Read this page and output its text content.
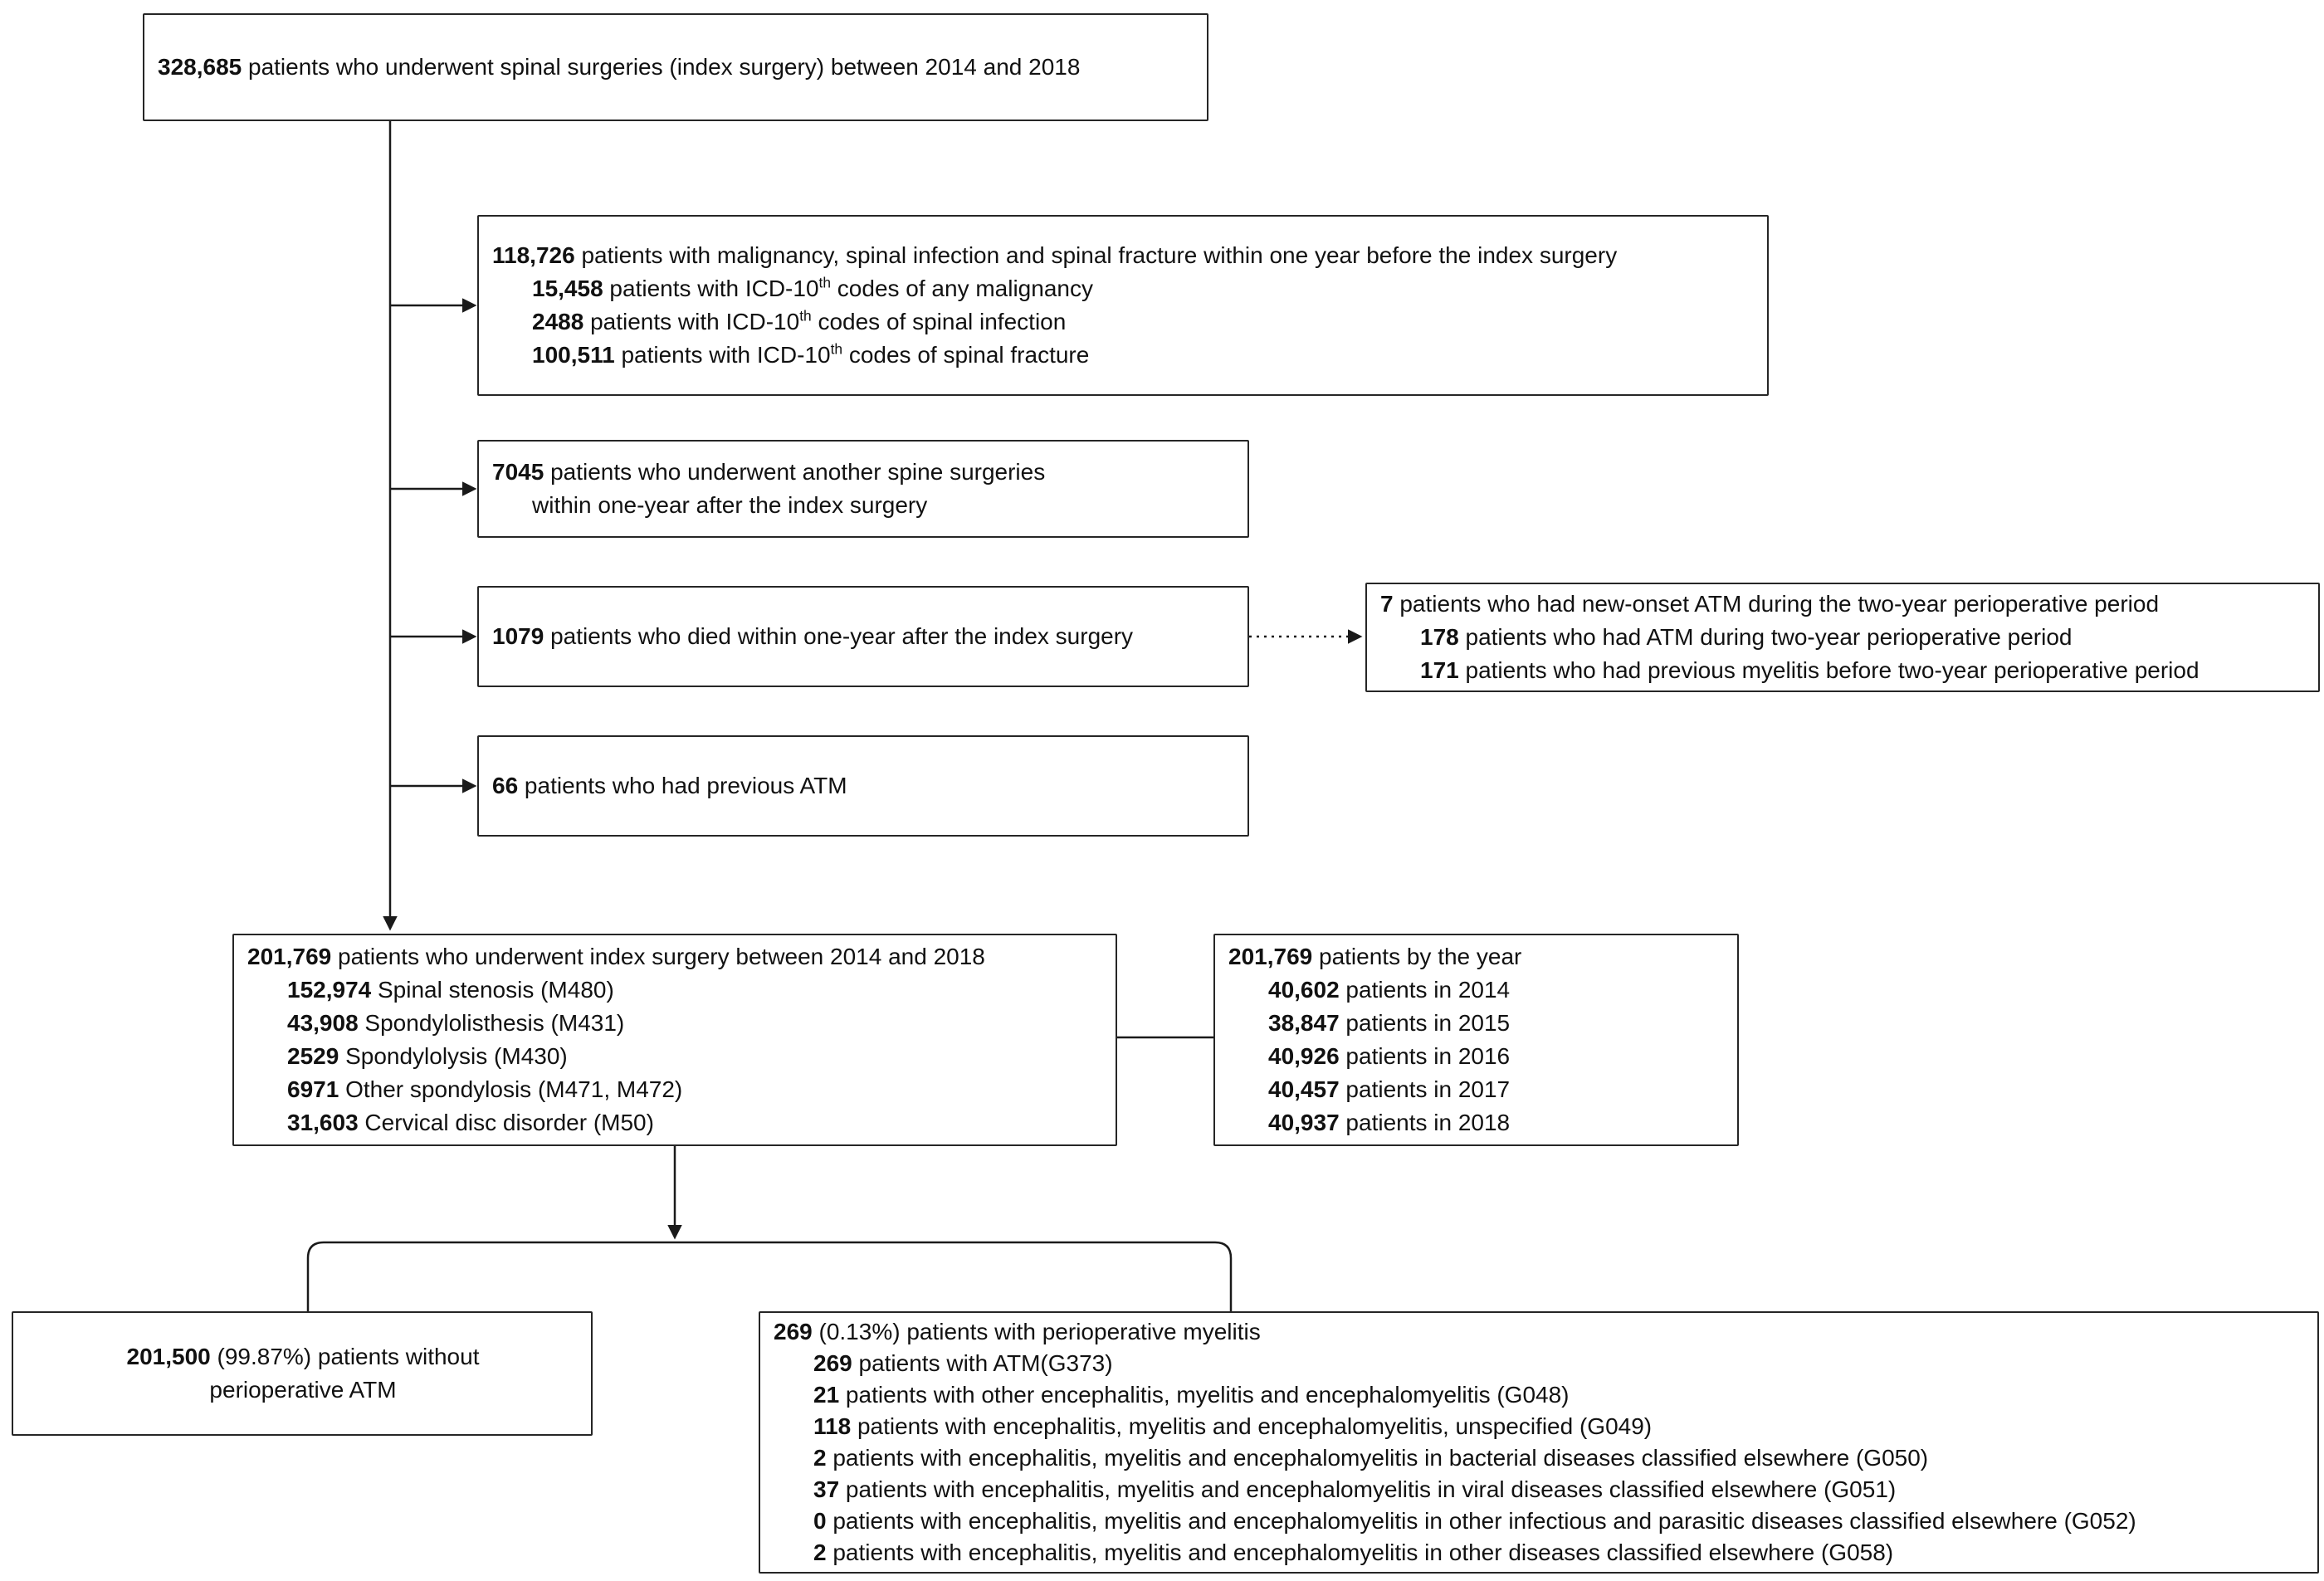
328,685 patients who underwent spinal surgeries (index surgery) between 2014 and 2018
118,726 patients with malignancy, spinal infection and spinal fracture within one year before the index surgery
15,458 patients with ICD-10th codes of any malignancy
2488 patients with ICD-10th codes of spinal infection
100,511 patients with ICD-10th codes of spinal fracture
7045 patients who underwent another spine surgeries
within one-year after the index surgery
1079 patients who died within one-year after the index surgery
7 patients who had new-onset ATM during the two-year perioperative period
178 patients who had ATM during two-year perioperative period
171 patients who had previous myelitis before two-year perioperative period
66 patients who had previous ATM
201,769 patients who underwent index surgery between 2014 and 2018
152,974 Spinal stenosis (M480)
43,908 Spondylolisthesis (M431)
2529 Spondylolysis (M430)
6971 Other spondylosis (M471, M472)
31,603 Cervical disc disorder (M50)
201,769 patients by the year
40,602 patients in 2014
38,847 patients in 2015
40,926 patients in 2016
40,457 patients in 2017
40,937 patients in 2018
201,500 (99.87%) patients without
perioperative ATM
269 (0.13%) patients with perioperative myelitis
269 patients with ATM(G373)
21 patients with other encephalitis, myelitis and encephalomyelitis (G048)
118 patients with encephalitis, myelitis and encephalomyelitis, unspecified (G049)
2 patients with encephalitis, myelitis and encephalomyelitis in bacterial diseases classified elsewhere (G050)
37 patients with encephalitis, myelitis and encephalomyelitis in viral diseases classified elsewhere (G051)
0 patients with encephalitis, myelitis and encephalomyelitis in other infectious and parasitic diseases classified elsewhere (G052)
2 patients with encephalitis, myelitis and encephalomyelitis in other diseases classified elsewhere (G058)
